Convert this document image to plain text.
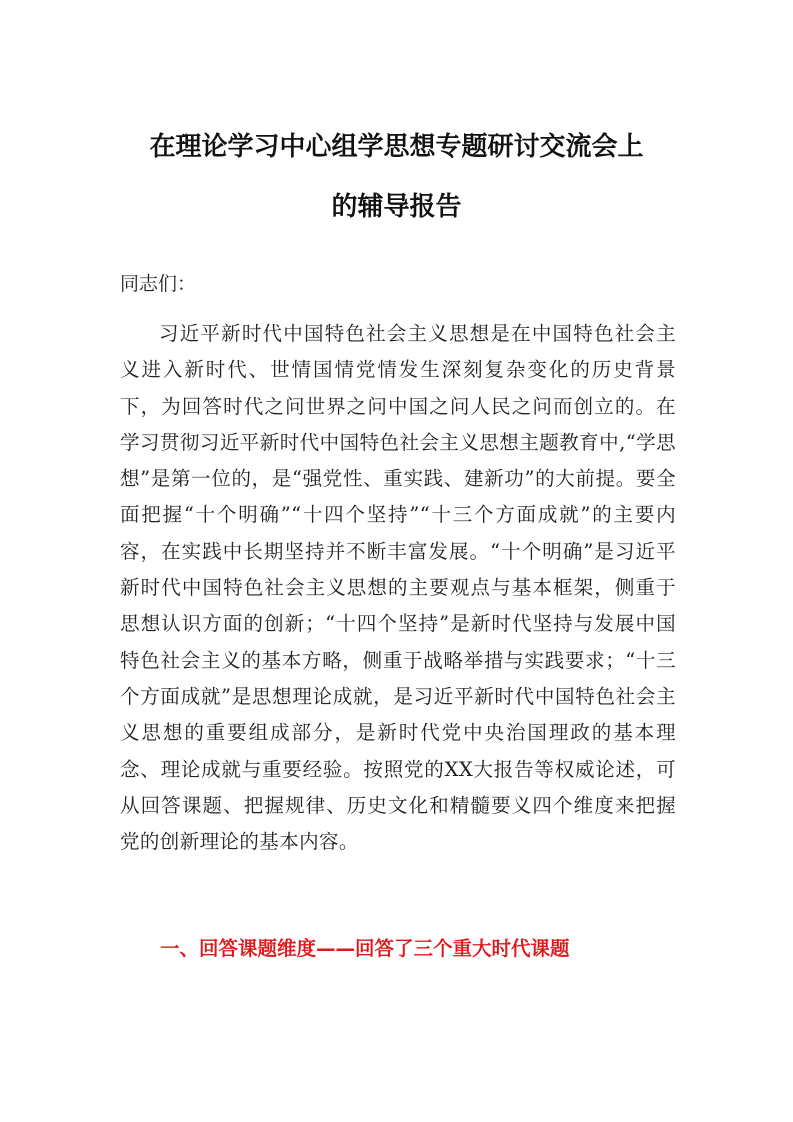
在理论学习中心组学思想专题研讨交流会上
的辅导报告

同志们：

习近平新时代中国特色社会主义思想是在中国特色社会主义进入新时代、世情国情党情发生深刻复杂变化的历史背景下，为回答时代之问世界之问中国之问人民之问而创立的。在学习贯彻习近平新时代中国特色社会主义思想主题教育中,“学思想”是第一位的，是“强党性、重实践、建新功”的大前提。要全面把握“十个明确”“十四个坚持”“十三个方面成就”的主要内容，在实践中长期坚持并不断丰富发展。“十个明确”是习近平新时代中国特色社会主义思想的主要观点与基本框架，侧重于思想认识方面的创新；“十四个坚持”是新时代坚持与发展中国特色社会主义的基本方略，侧重于战略举措与实践要求；“十三个方面成就”是思想理论成就，是习近平新时代中国特色社会主义思想的重要组成部分，是新时代党中央治国理政的基本理念、理论成就与重要经验。按照党的XX大报告等权威论述，可从回答课题、把握规律、历史文化和精髓要义四个维度来把握党的创新理论的基本内容。

一、回答课题维度——回答了三个重大时代课题
